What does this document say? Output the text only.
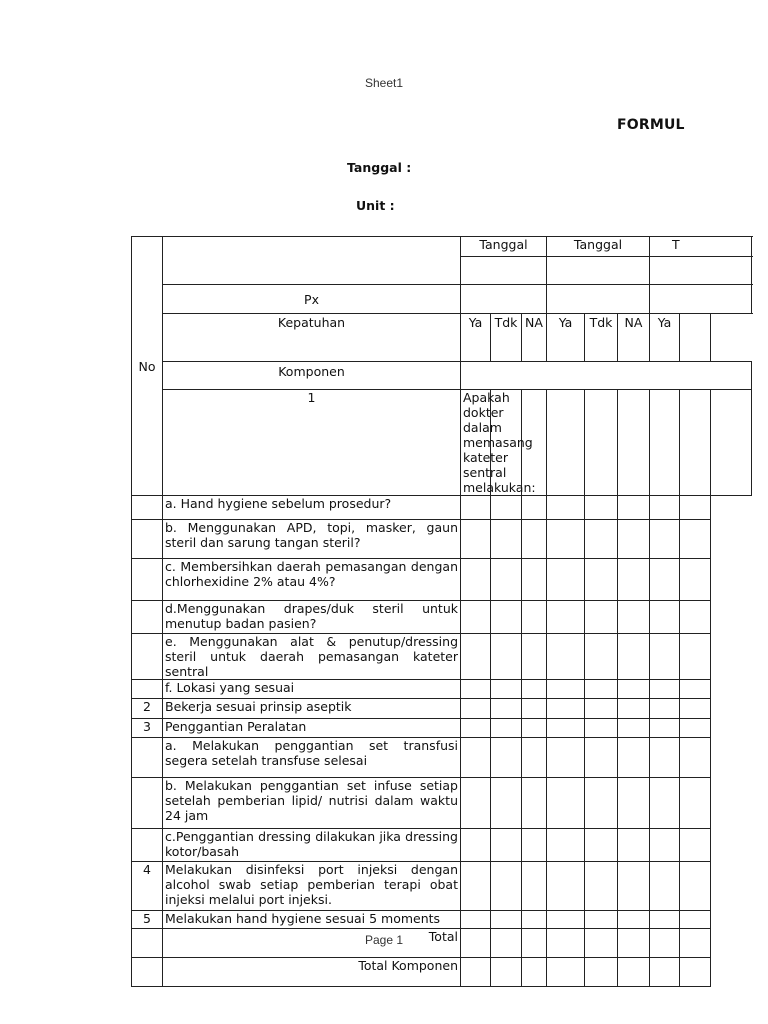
Sheet1
FORMUL
Tanggal :
Unit :
No		Tanggal			Tanggal			T		

	Px									
	Kepatuhan	Ya	Tdk	NA	Ya	Tdk	NA	Ya		
	Komponen									
	1	Apakah dokter dalam memasang kateter sentral melakukan:								
	a. Hand hygiene sebelum prosedur?									
	b. Menggunakan APD, topi, masker, gaun steril dan sarung tangan steril?									
	c. Membersihkan daerah pemasangan dengan chlorhexidine 2% atau 4%?									
	d.Menggunakan drapes/duk steril untuk menutup badan pasien?									
	e. Menggunakan alat & penutup/dressing steril untuk daerah pemasangan kateter sentral									
	f. Lokasi yang sesuai									
2	Bekerja sesuai prinsip aseptik									
3	Penggantian Peralatan									
	a. Melakukan penggantian set transfusi segera setelah transfuse selesai									
	b. Melakukan penggantian set infuse setiap setelah pemberian lipid/ nutrisi dalam waktu 24 jam									
	c.Penggantian dressing dilakukan jika dressing kotor/basah									
4	Melakukan disinfeksi port injeksi dengan alcohol swab setiap pemberian terapi obat injeksi melalui port injeksi.									
5	Melakukan hand hygiene sesuai 5 moments									
	Total									
	Total Komponen									
Page 1
